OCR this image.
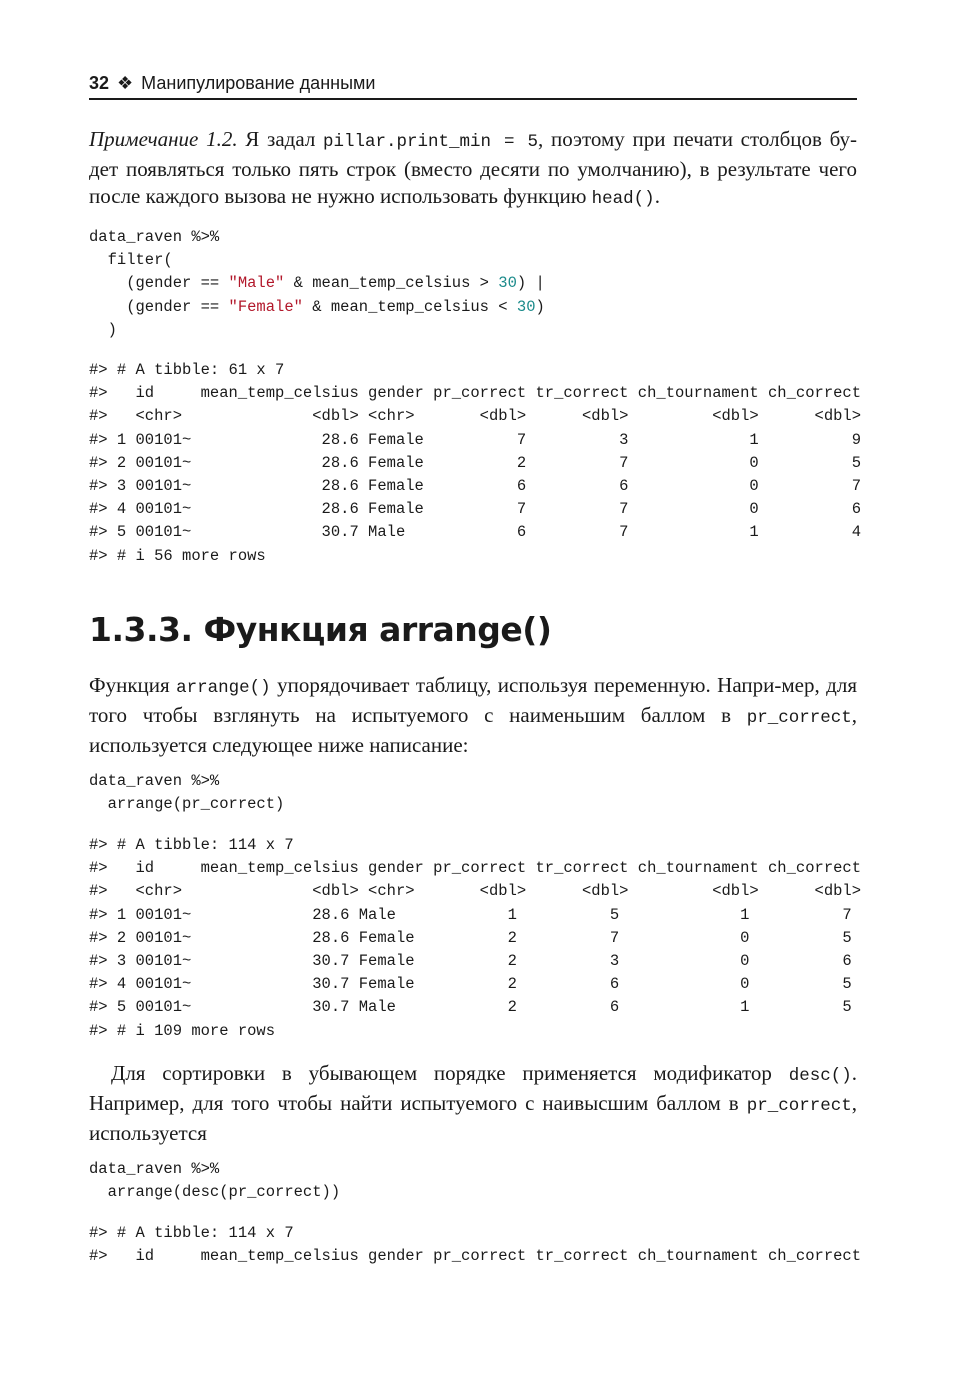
32 ❖ Манипулирование данными
Примечание 1.2. Я задал pillar.print_min = 5, поэтому при печати столбцов бу-дет появляться только пять строк (вместо десяти по умолчанию), в результате чего после каждого вызова не нужно использовать функцию head().
data_raven %>%
filter(
(gender == "Male" & mean_temp_celsius > 30) |
(gender == "Female" & mean_temp_celsius < 30)
)
#> # A tibble: 61 x 7
#>   id     mean_temp_celsius gender pr_correct tr_correct ch_tournament ch_correct
#>   <chr>              <dbl> <chr>       <dbl>      <dbl>         <dbl>      <dbl>
#> 1 00101~              28.6 Female          7          3             1          9
#> 2 00101~              28.6 Female          2          7             0          5
#> 3 00101~              28.6 Female          6          6             0          7
#> 4 00101~              28.6 Female          7          7             0          6
#> 5 00101~              30.7 Male            6          7             1          4
#> # i 56 more rows
1.3.3. Функция arrange()
Функция arrange() упорядочивает таблицу, используя переменную. Напри-мер, для того чтобы взглянуть на испытуемого с наименьшим баллом в pr_correct, используется следующее ниже написание:
data_raven %>%
arrange(pr_correct)
#> # A tibble: 114 x 7
#>   id     mean_temp_celsius gender pr_correct tr_correct ch_tournament ch_correct
#>   <chr>              <dbl> <chr>       <dbl>      <dbl>         <dbl>      <dbl>
#> 1 00101~             28.6 Male            1          5             1          7
#> 2 00101~             28.6 Female          2          7             0          5
#> 3 00101~             30.7 Female          2          3             0          6
#> 4 00101~             30.7 Female          2          6             0          5
#> 5 00101~             30.7 Male            2          6             1          5
#> # i 109 more rows
Для сортировки в убывающем порядке применяется модификатор desc(). Например, для того чтобы найти испытуемого с наивысшим баллом в pr_correct, используется
data_raven %>%
arrange(desc(pr_correct))
#> # A tibble: 114 x 7
#>   id     mean_temp_celsius gender pr_correct tr_correct ch_tournament ch_correct
